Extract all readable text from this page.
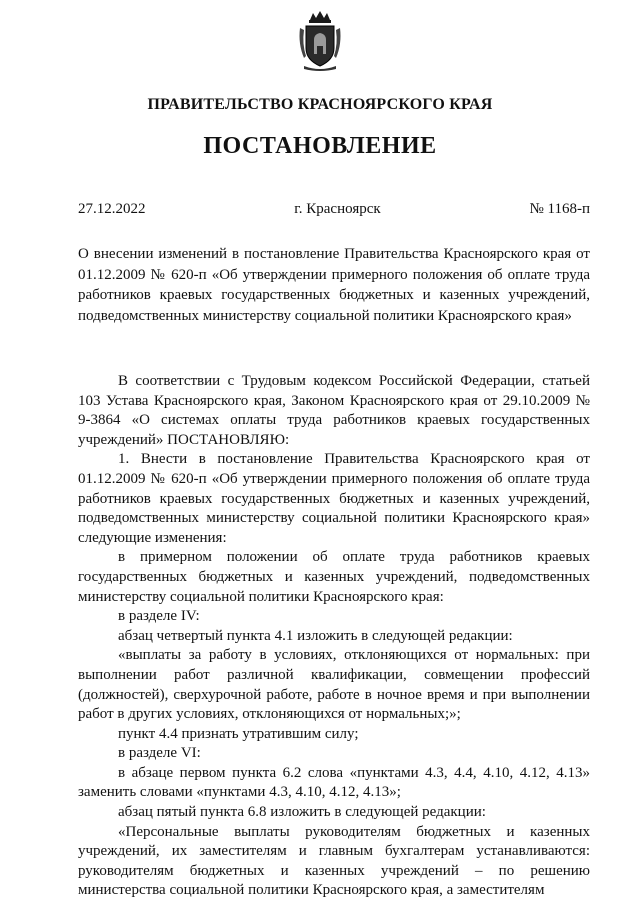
ПРАВИТЕЛЬСТВО КРАСНОЯРСКОГО КРАЯ
ПОСТАНОВЛЕНИЕ
27.12.2022	г. Красноярск	№ 1168-п
О внесении изменений в постановление Правительства Красноярского края от 01.12.2009 № 620-п «Об утверждении примерного положения об оплате труда работников краевых государственных бюджетных и казенных учреждений, подведомственных министерству социальной политики Красноярского края»

В соответствии с Трудовым кодексом Российской Федерации, статьей 103 Устава Красноярского края, Законом Красноярского края от 29.10.2009 № 9-3864 «О системах оплаты труда работников краевых государственных учреждений» ПОСТАНОВЛЯЮ:

1. Внести в постановление Правительства Красноярского края от 01.12.2009 № 620-п «Об утверждении примерного положения об оплате труда работников краевых государственных бюджетных и казенных учреждений, подведомственных министерству социальной политики Красноярского края» следующие изменения:

в примерном положении об оплате труда работников краевых государственных бюджетных и казенных учреждений, подведомственных министерству социальной политики Красноярского края:

в разделе IV:

абзац четвертый пункта 4.1 изложить в следующей редакции:

«выплаты за работу в условиях, отклоняющихся от нормальных: при выполнении работ различной квалификации, совмещении профессий (должностей), сверхурочной работе, работе в ночное время и при выполнении работ в других условиях, отклоняющихся от нормальных;»;

пункт 4.4 признать утратившим силу;

в разделе VI:

в абзаце первом пункта 6.2 слова «пунктами 4.3, 4.4, 4.10, 4.12, 4.13» заменить словами «пунктами 4.3, 4.10, 4.12, 4.13»;

абзац пятый пункта 6.8 изложить в следующей редакции:

«Персональные выплаты руководителям бюджетных и казенных учреждений, их заместителям и главным бухгалтерам устанавливаются: руководителям бюджетных и казенных учреждений – по решению министерства социальной политики Красноярского края, а заместителям
